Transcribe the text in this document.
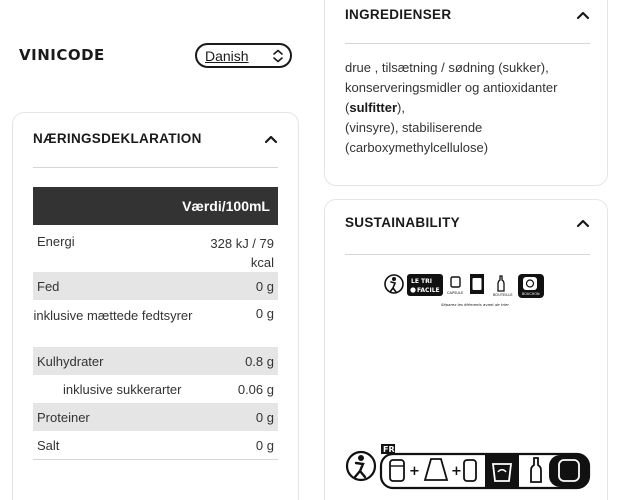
VINICODE	Danish
NÆRINGSDEKLARATION
Værdi/100mL
Energi	328 kJ / 79 kcal
Fed	0 g
inklusive mættede fedtsyrer	0 g
Kulhydrater	0.8 g
inklusive sukkerarter	0.06 g
Proteiner	0 g
Salt	0 g
INGREDIENSER
drue , tilsætning / sødning (sukker),
konserveringsmidler og antioxidanter
(sulfitter),
(vinsyre), stabiliserende
(carboxymethylcellulose)
SUSTAINABILITY
LE TRI
FACILE CAPSULE	BOUTEILLE	BOUCHON
Séparez les éléments avant de trier
FR
+ +
